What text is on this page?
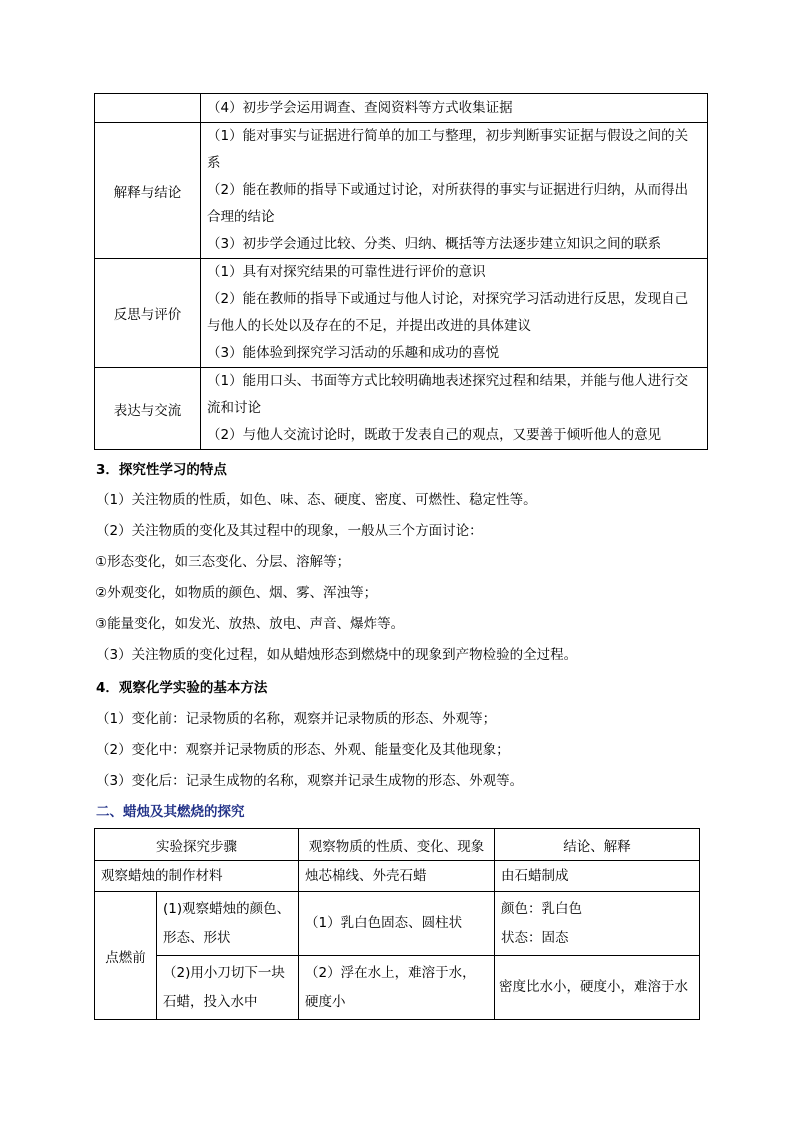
	（4）初步学会运用调查、查阅资料等方式收集证据

解释与结论	（1）能对事实与证据进行简单的加工与整理，初步判断事实证据与假设之间的关
系
（2）能在教师的指导下或通过讨论，对所获得的事实与证据进行归纳，从而得出
合理的结论
（3）初步学会通过比较、分类、归纳、概括等方法逐步建立知识之间的联系

反思与评价	（1）具有对探究结果的可靠性进行评价的意识
（2）能在教师的指导下或通过与他人讨论，对探究学习活动进行反思，发现自己
与他人的长处以及存在的不足，并提出改进的具体建议
（3）能体验到探究学习活动的乐趣和成功的喜悦

表达与交流	（1）能用口头、书面等方式比较明确地表述探究过程和结果，并能与他人进行交
流和讨论
（2）与他人交流讨论时，既敢于发表自己的观点，又要善于倾听他人的意见
3．探究性学习的特点
（1）关注物质的性质，如色、味、态、硬度、密度、可燃性、稳定性等。
（2）关注物质的变化及其过程中的现象，一般从三个方面讨论：
①形态变化，如三态变化、分层、溶解等；
②外观变化，如物质的颜色、烟、雾、浑浊等；
③能量变化，如发光、放热、放电、声音、爆炸等。
（3）关注物质的变化过程，如从蜡烛形态到燃烧中的现象到产物检验的全过程。
4．观察化学实验的基本方法
（1）变化前：记录物质的名称，观察并记录物质的形态、外观等；
（2）变化中：观察并记录物质的形态、外观、能量变化及其他现象；
（3）变化后：记录生成物的名称，观察并记录生成物的形态、外观等。
二、蜡烛及其燃烧的探究
实验探究步骤		观察物质的性质、变化、现象	结论、解释

观察蜡烛的制作材料		烛芯棉线、外壳石蜡	由石蜡制成

点燃前	(1)观察蜡烛的颜色、
形态、形状	（1）乳白色固态、圆柱状	颜色：乳白色
状态：固态

	（2)用小刀切下一块
石蜡，投入水中	（2）浮在水上，难溶于水，
硬度小	密度比水小，硬度小，难溶于水
